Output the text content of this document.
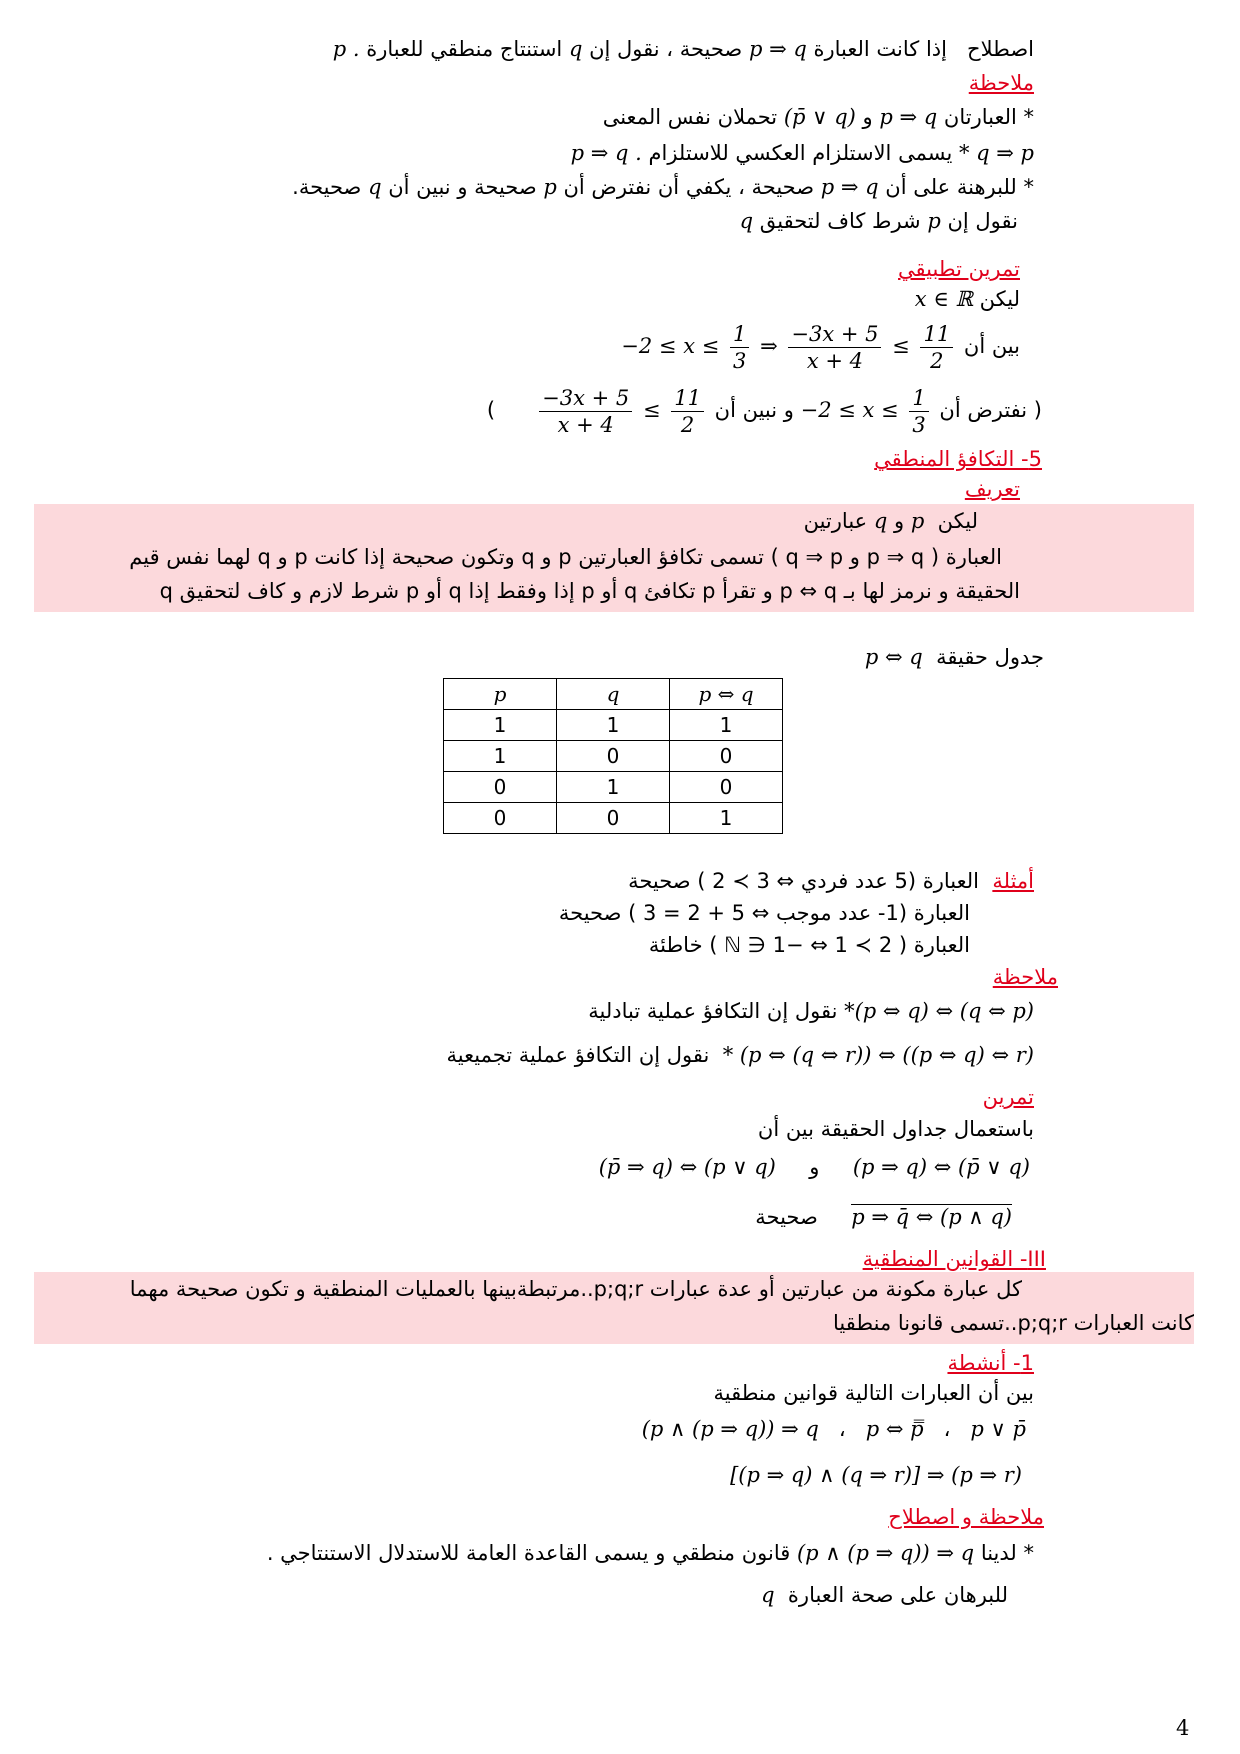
اصطلاح   إذا كانت العبارة p ⇒ q صحيحة ، نقول إن q استنتاج منطقي للعبارة p .
ملاحظة
* العبارتان p ⇒ q و (p̄ ∨ q) تحملان نفس المعنى
* q ⇒ p يسمى الاستلزام العكسي للاستلزام p ⇒ q .
* للبرهنة على أن p ⇒ q صحيحة ، يكفي أن نفترض أن p صحيحة و نبين أن q صحيحة.
نقول إن p شرط كاف لتحقيق q
تمرين تطبيقي
ليكن x ∈ ℝ
بين أن $-2 \le x \le \frac{1}{3}$ ⇒ $\frac{-3x + 5}{x + 4} \le \frac{11}{2}$
( نفترض أن $-2 \le x \le \frac{1}{3}$
و نبين أن
$\frac{-3x + 5}{x + 4} \le \frac{11}{2}$
)
5- التكافؤ المنطقي
تعريف
ليكن  p و q عبارتين
العبارة ( p ⇒ q و q ⇒ p ) تسمى تكافؤ العبارتين p و q وتكون صحيحة إذا كانت p و q لهما نفس قيم
الحقيقة و نرمز لها بـ p ⇔ q و تقرأ p تكافئ q أو p إذا وفقط إذا q أو p شرط لازم و كاف لتحقيق q
جدول حقيقة  p ⇔ q
p	q	p ⇔ q
1	1	1
1	0	0
0	1	0
0	0	1
أمثلة  العبارة (5 عدد فردي ⇔ 3 ≻ 2 ) صحيحة
العبارة (1- عدد موجب ⇔ 5 + 2 = 3 ) صحيحة
العبارة ( 2 ≻ 1 ⇔ −1 ∈ ℕ ) خاطئة
ملاحظة
*(p ⇔ q) ⇔ (q ⇔ p) نقول إن التكافؤ عملية تبادلية
* (p ⇔ (q ⇔ r)) ⇔ ((p ⇔ q) ⇔ r)  نقول إن التكافؤ عملية تجميعية
تمرين
باستعمال جداول الحقيقة بين أن
(p ⇒ q) ⇔ (p̄ ∨ q)     و     (p̄ ⇒ q) ⇔ (p ∨ q)
p ⇒ q̄ ⇔ (p ∧ q)     صحيحة
III- القوانين المنطقية
كل عبارة مكونة من عبارتين أو عدة عبارات p;q;r..مرتبطةبينها بالعمليات المنطقية و تكون صحيحة مهما
كانت العبارات p;q;r..تسمى قانونا منطقيا
1- أنشطة
بين أن العبارات التالية قوانين منطقية
p ∨ p̄   ،   p ⇔ p̿   ،   (p ∧ (p ⇒ q)) ⇒ q
[(p ⇒ q) ∧ (q ⇒ r)] ⇒ (p ⇒ r)
ملاحظة و اصطلاح
* لدينا (p ∧ (p ⇒ q)) ⇒ q قانون منطقي و يسمى القاعدة العامة للاستدلال الاستنتاجي .
للبرهان على صحة العبارة  q
4
